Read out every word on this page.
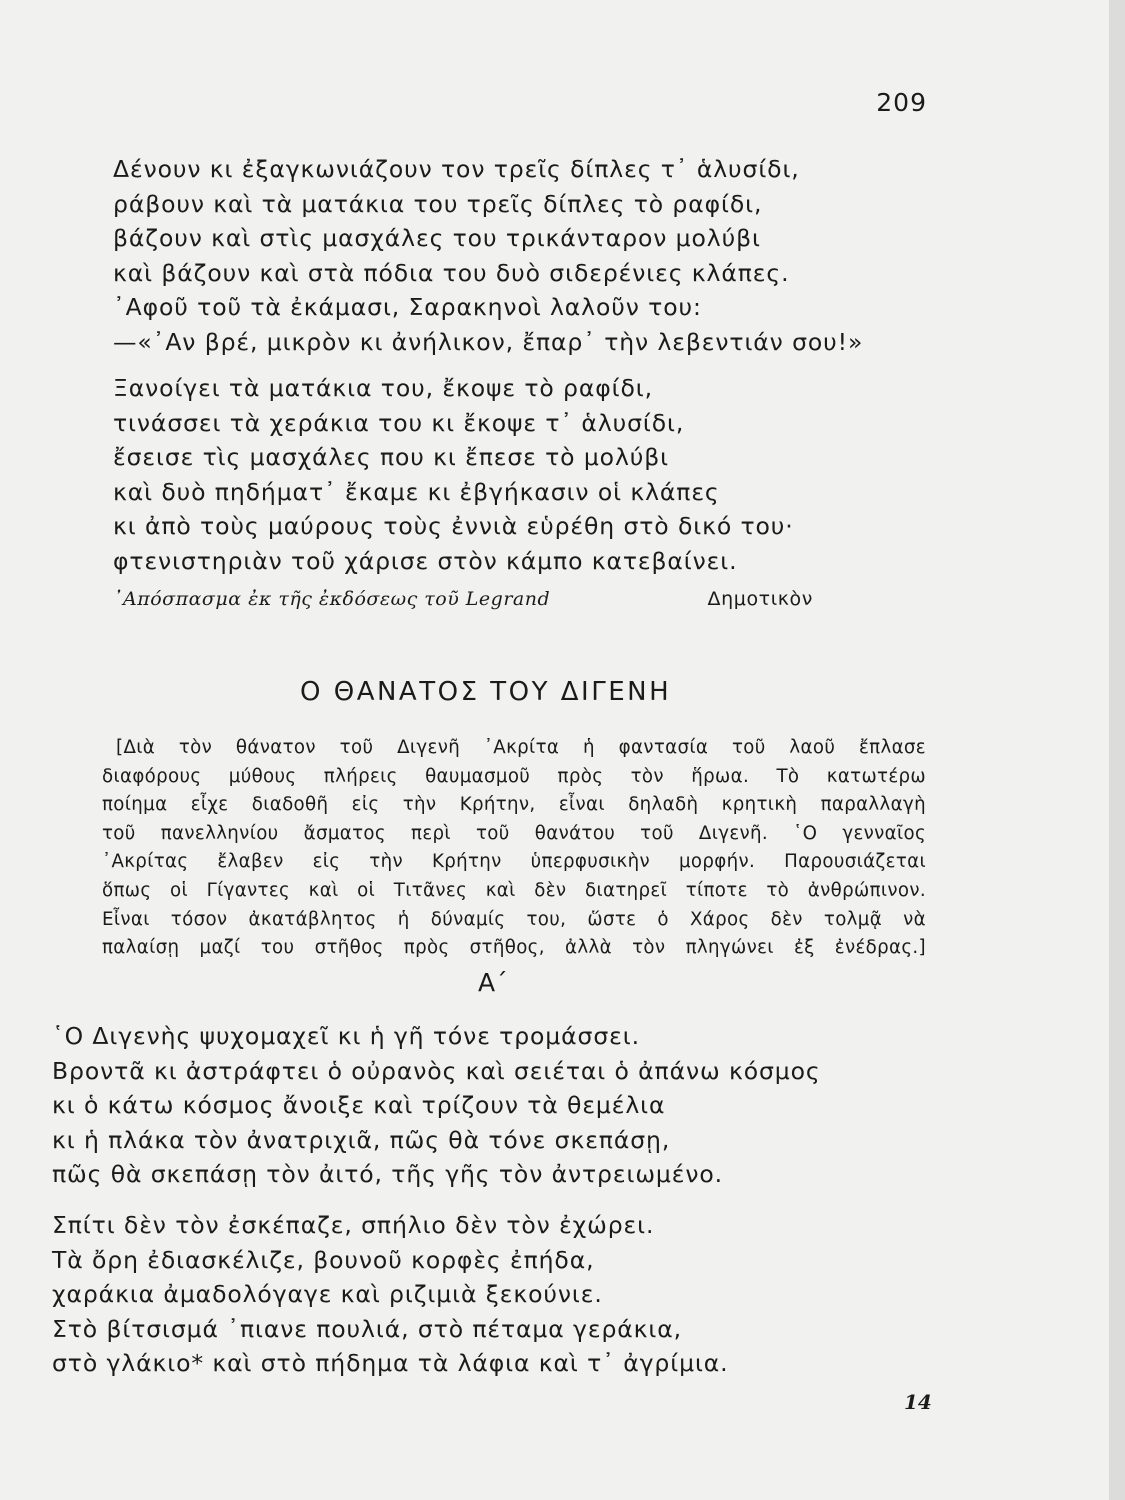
209
Δένουν κι ἐξαγκωνιάζουν τον τρεῖς δίπλες τ᾽ ἁλυσίδι,
ράβουν καὶ τὰ ματάκια του τρεῖς δίπλες τὸ ραφίδι,
βάζουν καὶ στὶς μασχάλες του τρικάνταρον μολύβι
καὶ βάζουν καὶ στὰ πόδια του δυὸ σιδερένιες κλάπες.
᾽Αφοῦ τοῦ τὰ ἐκάμασι, Σαρακηνοὶ λαλοῦν του:
—«᾽Αν βρέ, μικρὸν κι ἀνήλικον, ἔπαρ᾽ τὴν λεβεντιάν σου!»
Ξανοίγει τὰ ματάκια του, ἔκοψε τὸ ραφίδι,
τινάσσει τὰ χεράκια του κι ἔκοψε τ᾽ ἁλυσίδι,
ἔσεισε τὶς μασχάλες που κι ἔπεσε τὸ μολύβι
καὶ δυὸ πηδήματ᾽ ἔκαμε κι ἐβγήκασιν οἱ κλάπες
κι ἀπὸ τοὺς μαύρους τοὺς ἐννιὰ εὑρέθη στὸ δικό του·
φτενιστηριὰν τοῦ χάρισε στὸν κάμπο κατεβαίνει.
᾽Απόσπασμα ἐκ τῆς ἐκδόσεως τοῦ Legrand	Δημοτικὸν
Ο ΘΑΝΑΤΟΣ ΤΟΥ ΔΙΓΕΝΗ
[Διὰ τὸν θάνατον τοῦ Διγενῆ ᾽Ακρίτα ἡ φαντασία τοῦ λαοῦ ἔπλασε
διαφόρους μύθους πλήρεις θαυμασμοῦ πρὸς τὸν ἥρωα. Τὸ κατωτέρω
ποίημα εἶχε διαδοθῆ εἰς τὴν Κρήτην, εἶναι δηλαδὴ κρητικὴ παραλλαγὴ
τοῦ πανελληνίου ἄσματος περὶ τοῦ θανάτου τοῦ Διγενῆ. ῾Ο γενναῖος
᾽Ακρίτας ἔλαβεν εἰς τὴν Κρήτην ὑπερφυσικὴν μορφήν. Παρουσιάζεται
ὅπως οἱ Γίγαντες καὶ οἱ Τιτᾶνες καὶ δὲν διατηρεῖ τίποτε τὸ ἀνθρώπινον.
Εἶναι τόσον ἀκατάβλητος ἡ δύναμίς του, ὥστε ὁ Χάρος δὲν τολμᾷ νὰ
παλαίσῃ μαζί του στῆθος πρὸς στῆθος, ἀλλὰ τὸν πληγώνει ἐξ ἐνέδρας.]
Α΄
῾Ο Διγενὴς ψυχομαχεῖ κι ἡ γῆ τόνε τρομάσσει.
Βροντᾶ κι ἀστράφτει ὁ οὐρανὸς καὶ σειέται ὁ ἀπάνω κόσμος
κι ὁ κάτω κόσμος ἄνοιξε καὶ τρίζουν τὰ θεμέλια
κι ἡ πλάκα τὸν ἀνατριχιᾶ, πῶς θὰ τόνε σκεπάσῃ,
πῶς θὰ σκεπάσῃ τὸν ἀιτό, τῆς γῆς τὸν ἀντρειωμένο.
Σπίτι δὲν τὸν ἐσκέπαζε, σπήλιο δὲν τὸν ἐχώρει.
Τὰ ὄρη ἐδιασκέλιζε, βουνοῦ κορφὲς ἐπήδα,
χαράκια ἀμαδολόγαγε καὶ ριζιμιὰ ξεκούνιε.
Στὸ βίτσισμά ᾽πιανε πουλιά, στὸ πέταμα γεράκια,
στὸ γλάκιο* καὶ στὸ πήδημα τὰ λάφια καὶ τ᾽ ἀγρίμια.
14
